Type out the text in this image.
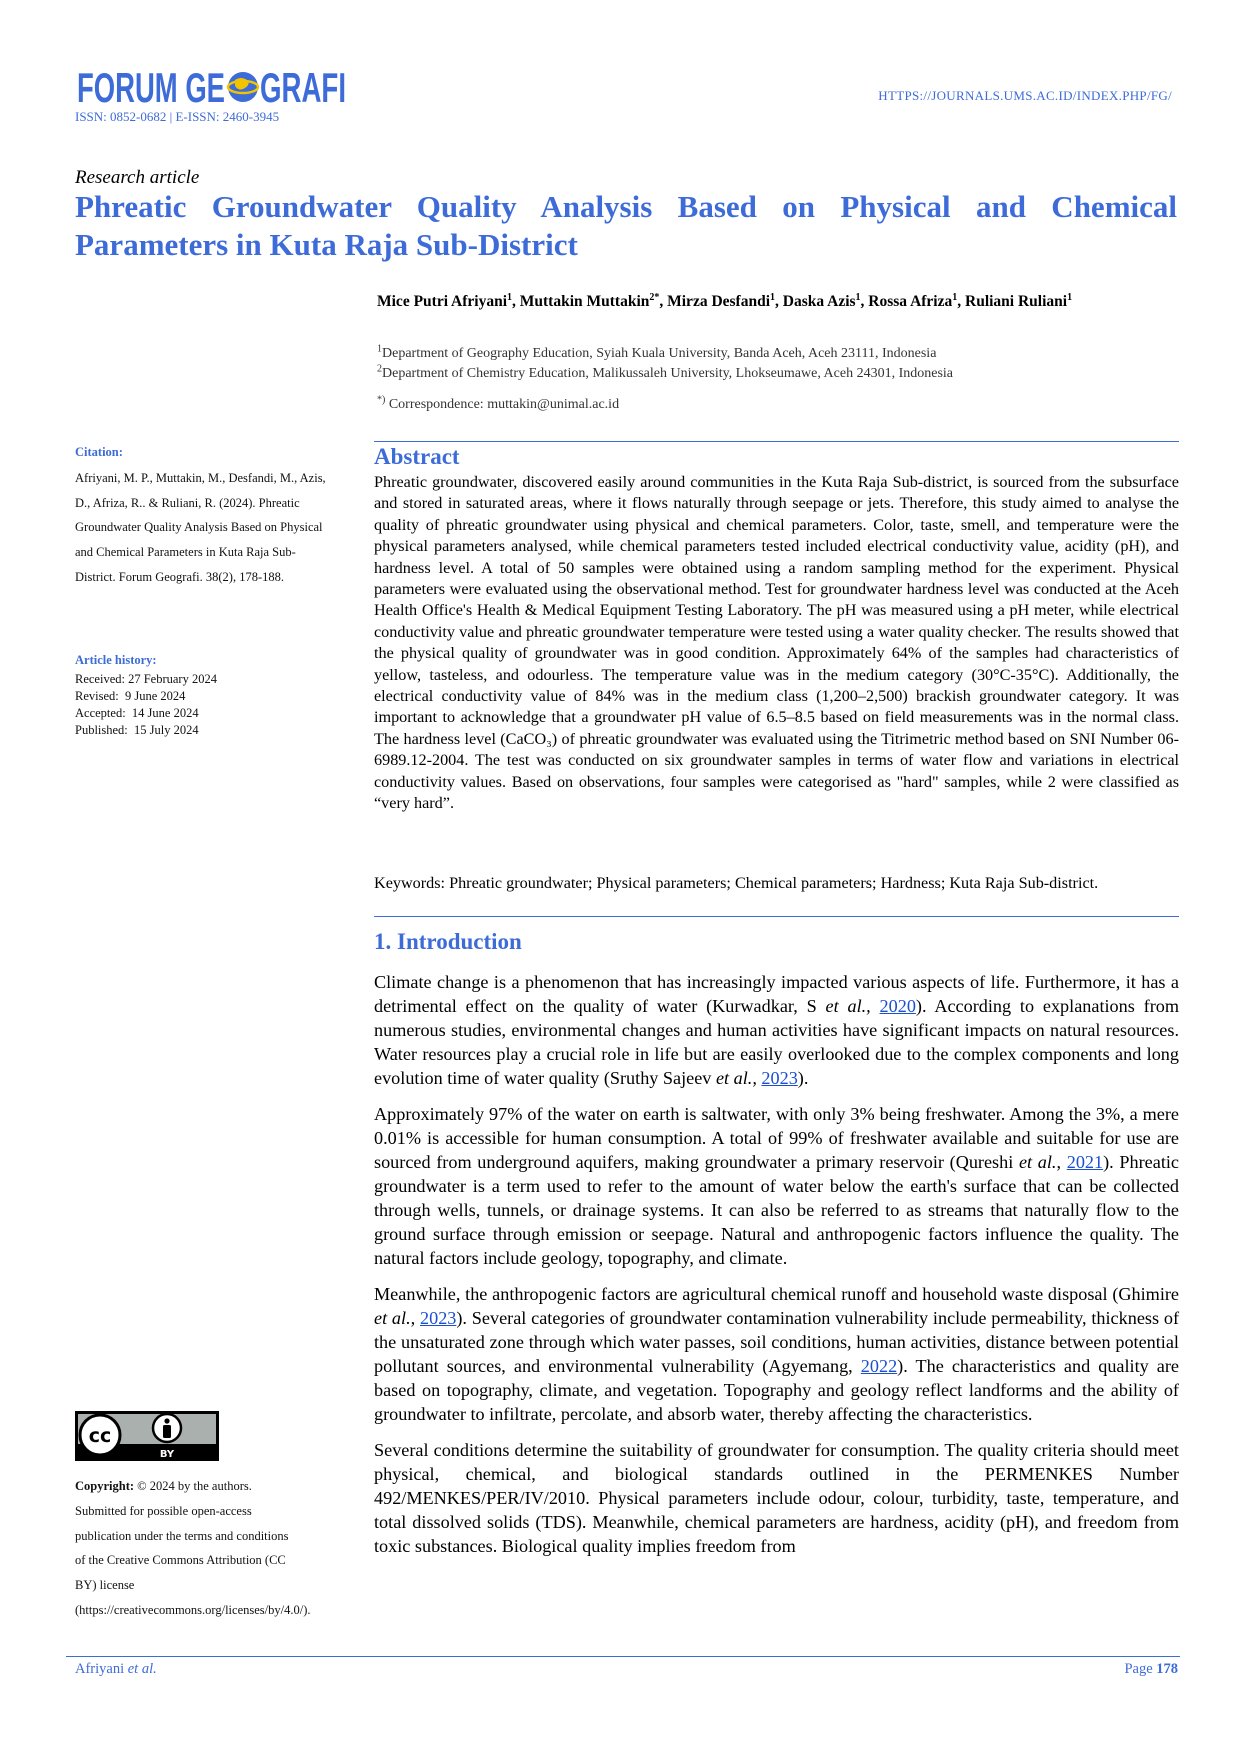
FORUM GE GRAFI
ISSN: 0852-0682 | E-ISSN: 2460-3945
HTTPS://JOURNALS.UMS.AC.ID/INDEX.PHP/FG/
Research article
Phreatic Groundwater Quality Analysis Based on Physical and Chemical Parameters in Kuta Raja Sub-District
Mice Putri Afriyani$^1$, Muttakin Muttakin$^{2*}$, Mirza Desfandi$^1$, Daska Azis$^1$, Rossa Afriza$^1$, Ruliani Ruliani$^1$
$^1$Department of Geography Education, Syiah Kuala University, Banda Aceh, Aceh 23111, Indonesia
$^2$Department of Chemistry Education, Malikussaleh University, Lhokseumawe, Aceh 24301, Indonesia
*) Correspondence: muttakin@unimal.ac.id
Citation:
Afriyani, M. P., Muttakin, M., Desfandi, M., Azis, D., Afriza, R.. & Ruliani, R. (2024). Phreatic Groundwater Quality Analysis Based on Physical and Chemical Parameters in Kuta Raja Sub-District. Forum Geografi. 38(2), 178-188.
Article history:
Received: 27 February 2024
Revised:  9 June 2024
Accepted:  14 June 2024
Published:  15 July 2024
cc
BY
Copyright: © 2024 by the authors. Submitted for possible open-access publication under the terms and conditions of the Creative Commons Attribution (CC BY) license (https://creativecommons.org/licenses/by/4.0/).
Abstract
Phreatic groundwater, discovered easily around communities in the Kuta Raja Sub-district, is sourced from the subsurface and stored in saturated areas, where it flows naturally through seepage or jets. Therefore, this study aimed to analyse the quality of phreatic groundwater using physical and chemical parameters. Color, taste, smell, and temperature were the physical parameters analysed, while chemical parameters tested included electrical conductivity value, acidity (pH), and hardness level. A total of 50 samples were obtained using a random sampling method for the experiment. Physical parameters were evaluated using the observational method. Test for groundwater hardness level was conducted at the Aceh Health Office's Health & Medical Equipment Testing Laboratory. The pH was measured using a pH meter, while electrical conductivity value and phreatic groundwater temperature were tested using a water quality checker. The results showed that the physical quality of groundwater was in good condition. Approximately 64% of the samples had characteristics of yellow, tasteless, and odourless. The temperature value was in the medium category (30°C-35°C). Additionally, the electrical conductivity value of 84% was in the medium class (1,200–2,500) brackish groundwater category. It was important to acknowledge that a groundwater pH value of 6.5–8.5 based on field measurements was in the normal class. The hardness level (CaCO₃) of phreatic groundwater was evaluated using the Titrimetric method based on SNI Number 06-6989.12-2004. The test was conducted on six groundwater samples in terms of water flow and variations in electrical conductivity values. Based on observations, four samples were categorised as "hard" samples, while 2 were classified as “very hard”.
Keywords: Phreatic groundwater; Physical parameters; Chemical parameters; Hardness; Kuta Raja Sub-district.
1. Introduction

Climate change is a phenomenon that has increasingly impacted various aspects of life. Furthermore, it has a detrimental effect on the quality of water (Kurwadkar, S et al., 2020). According to explanations from numerous studies, environmental changes and human activities have significant impacts on natural resources. Water resources play a crucial role in life but are easily overlooked due to the complex components and long evolution time of water quality (Sruthy Sajeev et al., 2023).

Approximately 97% of the water on earth is saltwater, with only 3% being freshwater. Among the 3%, a mere 0.01% is accessible for human consumption. A total of 99% of freshwater available and suitable for use are sourced from underground aquifers, making groundwater a primary reservoir (Qureshi et al., 2021). Phreatic groundwater is a term used to refer to the amount of water below the earth's surface that can be collected through wells, tunnels, or drainage systems. It can also be referred to as streams that naturally flow to the ground surface through emission or seepage. Natural and anthropogenic factors influence the quality. The natural factors include geology, topography, and climate.

Meanwhile, the anthropogenic factors are agricultural chemical runoff and household waste disposal (Ghimire et al., 2023). Several categories of groundwater contamination vulnerability include permeability, thickness of the unsaturated zone through which water passes, soil conditions, human activities, distance between potential pollutant sources, and environmental vulnerability (Agyemang, 2022). The characteristics and quality are based on topography, climate, and vegetation. Topography and geology reflect landforms and the ability of groundwater to infiltrate, percolate, and absorb water, thereby affecting the characteristics.

Several conditions determine the suitability of groundwater for consumption. The quality criteria should meet physical, chemical, and biological standards outlined in the PERMENKES Number 492/MENKES/PER/IV/2010. Physical parameters include odour, colour, turbidity, taste, temperature, and total dissolved solids (TDS). Meanwhile, chemical parameters are hardness, acidity (pH), and freedom from toxic substances. Biological quality implies freedom from

Afriyani et al.	Page 178
